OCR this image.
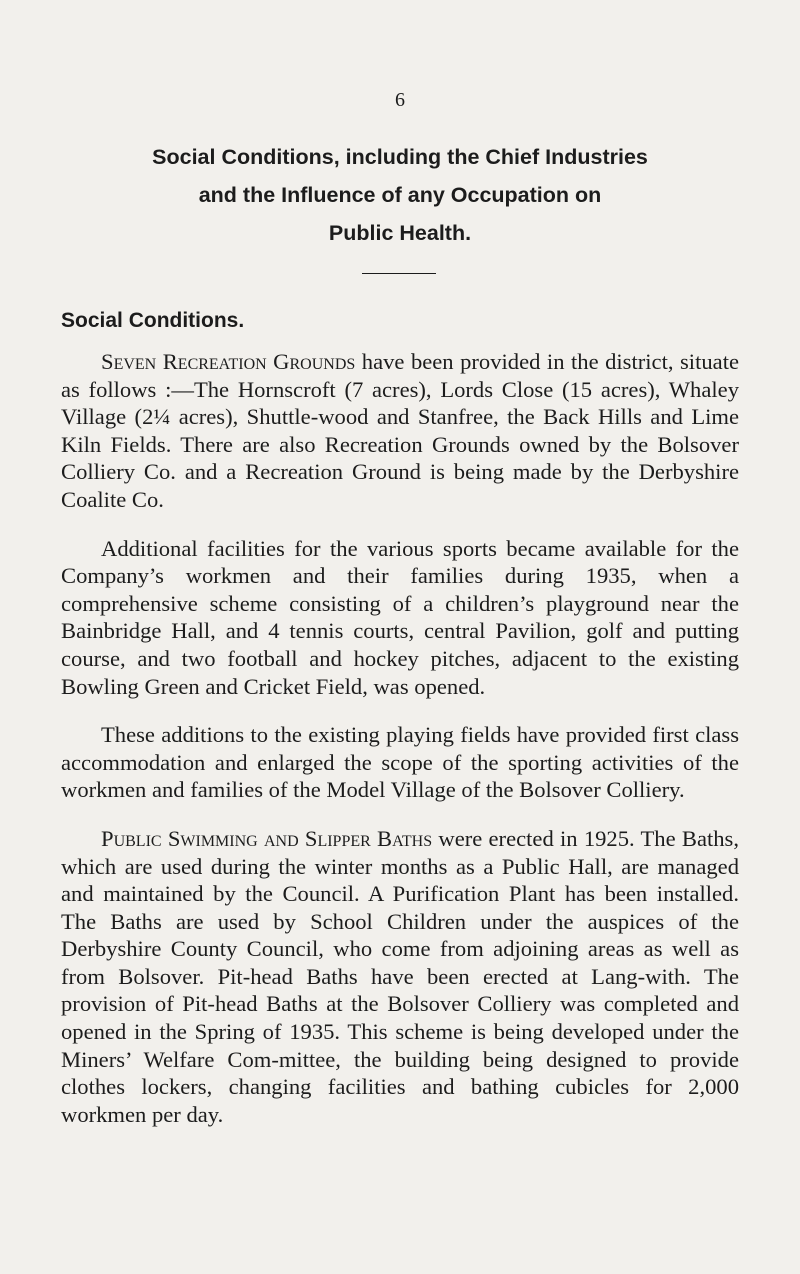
6
Social Conditions, including the Chief Industries
and the Influence of any Occupation on
Public Health.
Social Conditions.

Seven Recreation Grounds have been provided in the district, situate as follows :—The Hornscroft (7 acres), Lords Close (15 acres), Whaley Village (2¼ acres), Shuttle-wood and Stanfree, the Back Hills and Lime Kiln Fields. There are also Recreation Grounds owned by the Bolsover Colliery Co. and a Recreation Ground is being made by the Derbyshire Coalite Co.

Additional facilities for the various sports became available for the Company’s workmen and their families during 1935, when a comprehensive scheme consisting of a children’s playground near the Bainbridge Hall, and 4 tennis courts, central Pavilion, golf and putting course, and two football and hockey pitches, adjacent to the existing Bowling Green and Cricket Field, was opened.

These additions to the existing playing fields have provided first class accommodation and enlarged the scope of the sporting activities of the workmen and families of the Model Village of the Bolsover Colliery.

Public Swimming and Slipper Baths were erected in 1925. The Baths, which are used during the winter months as a Public Hall, are managed and maintained by the Council. A Purification Plant has been installed. The Baths are used by School Children under the auspices of the Derbyshire County Council, who come from adjoining areas as well as from Bolsover. Pit-head Baths have been erected at Lang-with. The provision of Pit-head Baths at the Bolsover Colliery was completed and opened in the Spring of 1935. This scheme is being developed under the Miners’ Welfare Com-mittee, the building being designed to provide clothes lockers, changing facilities and bathing cubicles for 2,000 workmen per day.
